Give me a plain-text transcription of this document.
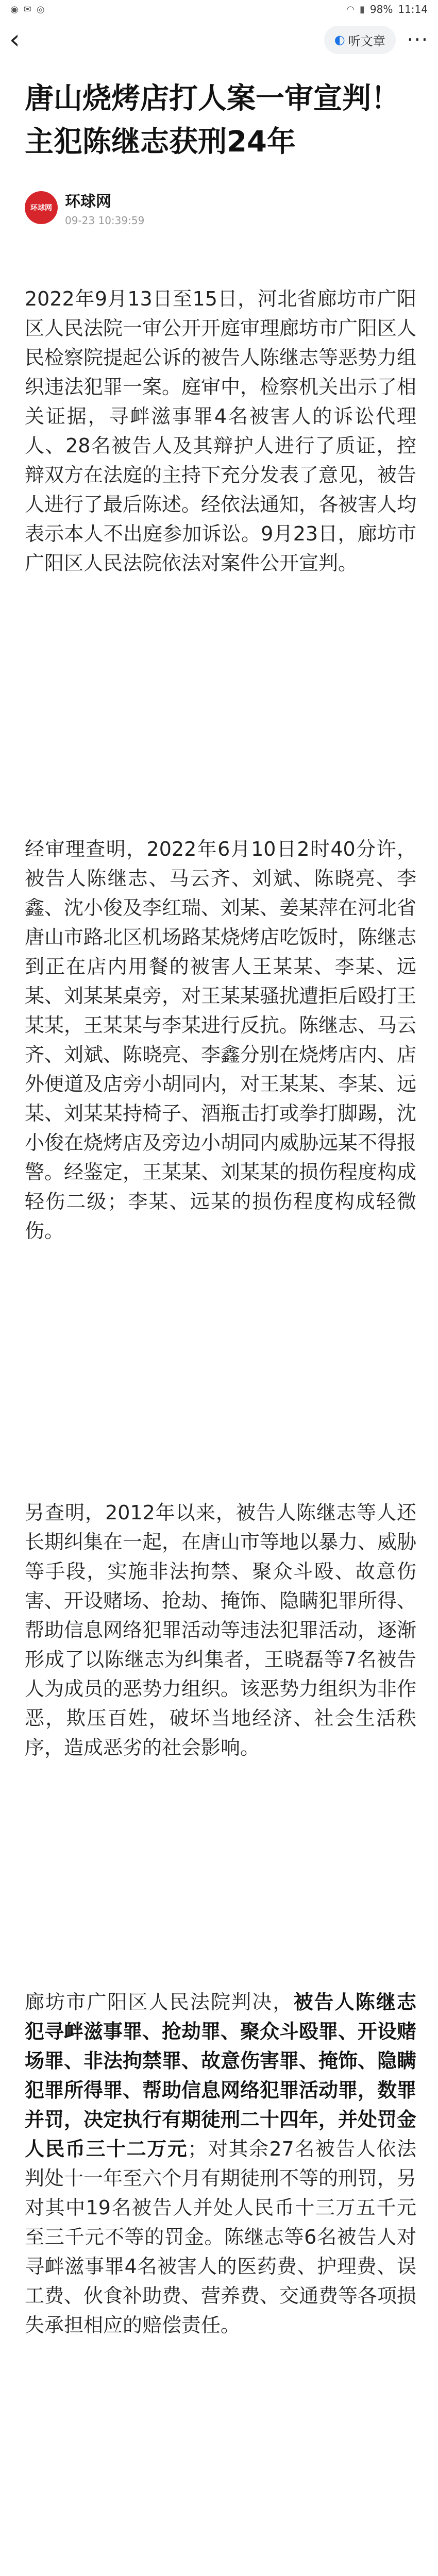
◉ ✉ ◎	◠ ▮ 98% 11:14
‹	◐ 听文章 ···
唐山烧烤店打人案一审宣判！主犯陈继志获刑24年
环球网 环球网
09-23 10:39:59

2022年9月13日至15日，河北省廊坊市广阳区人民法院一审公开开庭审理廊坊市广阳区人民检察院提起公诉的被告人陈继志等恶势力组织违法犯罪一案。庭审中，检察机关出示了相关证据，寻衅滋事罪4名被害人的诉讼代理人、28名被告人及其辩护人进行了质证，控辩双方在法庭的主持下充分发表了意见，被告人进行了最后陈述。经依法通知，各被害人均表示本人不出庭参加诉讼。9月23日，廊坊市广阳区人民法院依法对案件公开宣判。

经审理查明，2022年6月10日2时40分许，被告人陈继志、马云齐、刘斌、陈晓亮、李鑫、沈小俊及李红瑞、刘某、姜某萍在河北省唐山市路北区机场路某烧烤店吃饭时，陈继志到正在店内用餐的被害人王某某、李某、远某、刘某某桌旁，对王某某骚扰遭拒后殴打王某某，王某某与李某进行反抗。陈继志、马云齐、刘斌、陈晓亮、李鑫分别在烧烤店内、店外便道及店旁小胡同内，对王某某、李某、远某、刘某某持椅子、酒瓶击打或拳打脚踢，沈小俊在烧烤店及旁边小胡同内威胁远某不得报警。经鉴定，王某某、刘某某的损伤程度构成轻伤二级；李某、远某的损伤程度构成轻微伤。

另查明，2012年以来，被告人陈继志等人还长期纠集在一起，在唐山市等地以暴力、威胁等手段，实施非法拘禁、聚众斗殴、故意伤害、开设赌场、抢劫、掩饰、隐瞒犯罪所得、帮助信息网络犯罪活动等违法犯罪活动，逐渐形成了以陈继志为纠集者，王晓磊等7名被告人为成员的恶势力组织。该恶势力组织为非作恶，欺压百姓，破坏当地经济、社会生活秩序，造成恶劣的社会影响。

廊坊市广阳区人民法院判决，被告人陈继志犯寻衅滋事罪、抢劫罪、聚众斗殴罪、开设赌场罪、非法拘禁罪、故意伤害罪、掩饰、隐瞒犯罪所得罪、帮助信息网络犯罪活动罪，数罪并罚，决定执行有期徒刑二十四年，并处罚金人民币三十二万元；对其余27名被告人依法判处十一年至六个月有期徒刑不等的刑罚，另对其中19名被告人并处人民币十三万五千元至三千元不等的罚金。陈继志等6名被告人对寻衅滋事罪4名被害人的医药费、护理费、误工费、伙食补助费、营养费、交通费等各项损失承担相应的赔偿责任。
